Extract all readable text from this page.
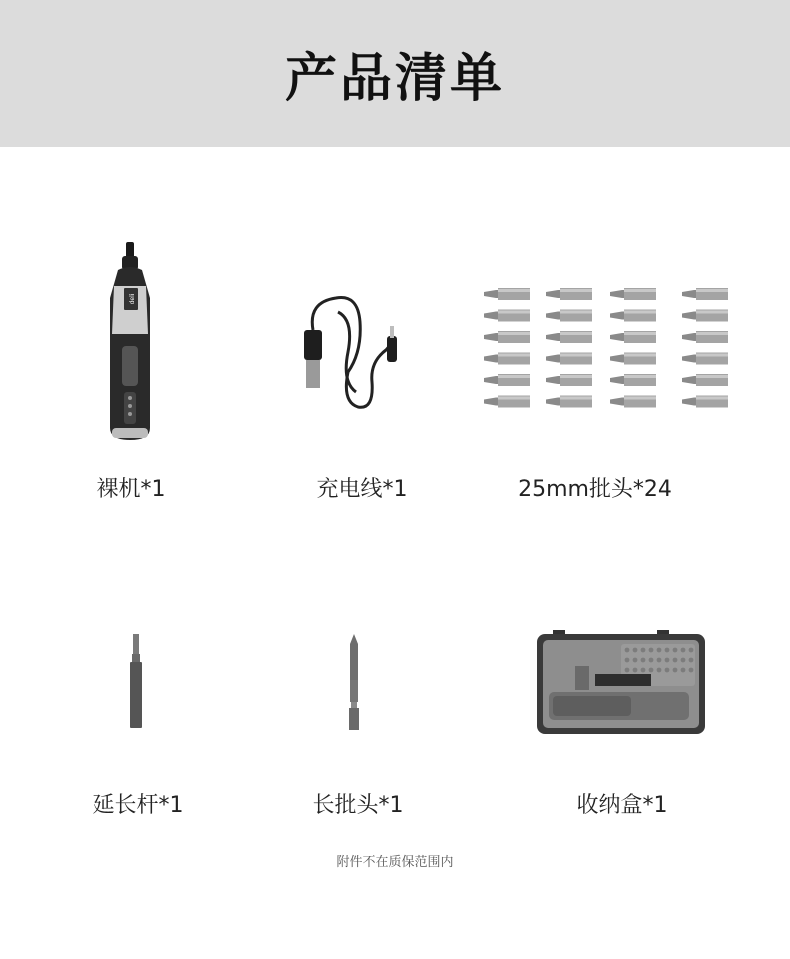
产品清单
deli
裸机*1	充电线*1	25mm批头*24
延长杆*1	长批头*1	收纳盒*1
附件不在质保范围内
